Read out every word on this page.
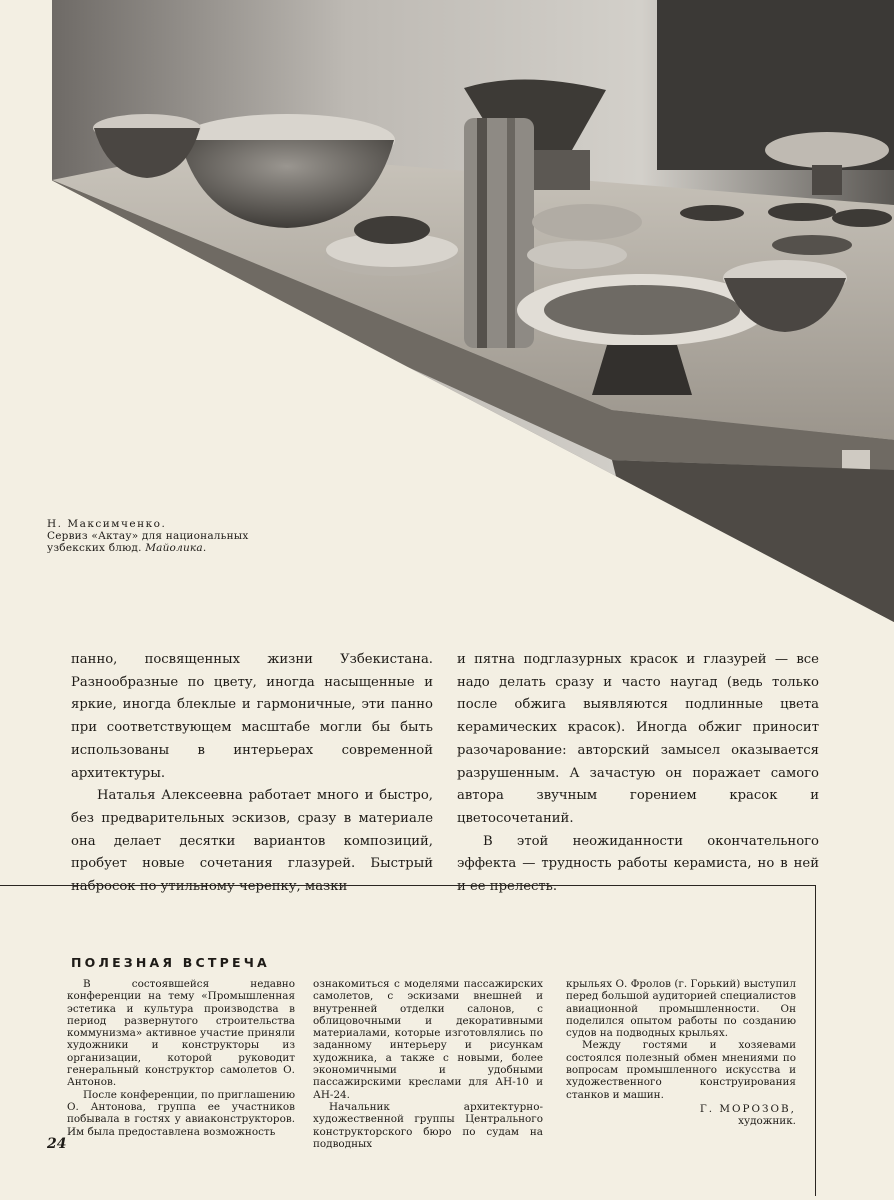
Н. Максимченко.
Сервиз «Актау» для национальных
узбекских блюд. Майолика.

панно, посвященных жизни Узбекистана. Разнообразные по цвету, иногда насыщенные и яркие, иногда блеклые и гармоничные, эти панно при соответствующем масштабе могли бы быть использованы в интерьерах современной архитектуры.

Наталья Алексеевна работает много и быстро, без предварительных эскизов, сразу в материале она делает десятки вариантов композиций, пробует новые сочетания глазурей. Быстрый набросок по утильному черепку, мазки

и пятна подглазурных красок и глазурей — все надо делать сразу и часто наугад (ведь только после обжига выявляются подлинные цвета керамических красок). Иногда обжиг приносит разочарование: авторский замысел оказывается разрушенным. А зачастую он поражает самого автора звучным горением красок и цветосочетаний.

В этой неожиданности окончательного эффекта — трудность работы керамиста, но в ней и ее прелесть.

ПОЛЕЗНАЯ ВСТРЕЧА

В состоявшейся недавно конференции на тему «Промышленная эстетика и культура производства в период развернутого строительства коммунизма» активное участие приняли художники и конструкторы из организации, которой руководит генеральный конструктор самолетов О. Антонов.

После конференции, по приглашению О. Антонова, группа ее участников побывала в гостях у авиаконструкторов. Им была предоставлена возможность

ознакомиться с моделями пассажирских самолетов, с эскизами внешней и внутренней отделки салонов, с облицовочными и декоративными материалами, которые изготовлялись по заданному интерьеру и рисункам художника, а также с новыми, более экономичными и удобными пассажирскими креслами для АН-10 и АН-24.

Начальник архитектурно-художественной группы Центрального конструкторского бюро по судам на подводных

крыльях О. Фролов (г. Горький) выступил перед большой аудиторией специалистов авиационной промышленности. Он поделился опытом работы по созданию судов на подводных крыльях.

Между гостями и хозяевами состоялся полезный обмен мнениями по вопросам промышленного искусства и художественного конструирования станков и машин.

Г. МОРОЗОВ,
художник.
24
